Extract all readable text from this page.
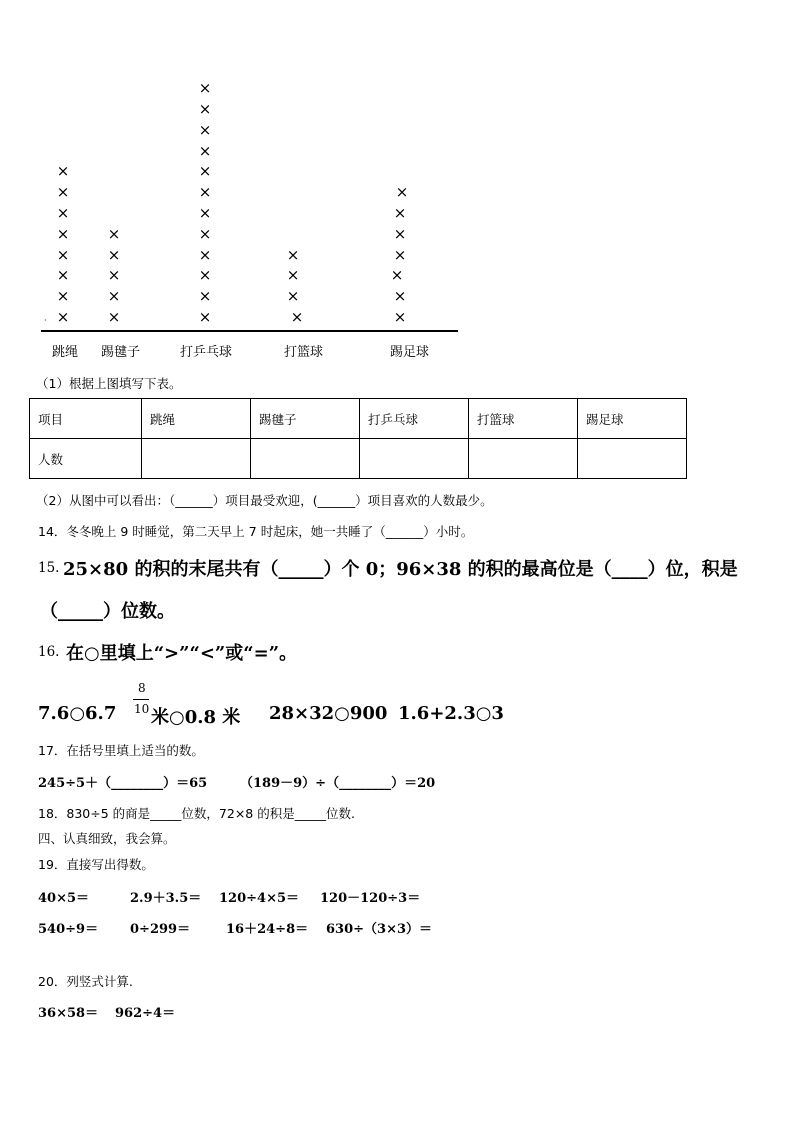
·
跳绳 踢毽子	打乒乓球	打篮球	踢足球
×
×
×
×
×
×
×
×
×
×
×
×
×
×
×
×
×
×
×
×
×
×
×
×
×
×
×
×
×
×
×
×
×
×
×
×
（1）根据上图填写下表。
项目	跳绳	踢毽子	打乒乓球	打篮球	踢足球
人数					
（2）从图中可以看出：（______）项目最受欢迎，(______）项目喜欢的人数最少。
14．冬冬晚上 9 时睡觉，第二天早上 7 时起床，她一共睡了（______）小时。
15. 25×80 的积的末尾共有（_____）个 0；96×38 的积的最高位是（____）位，积是
（_____）位数。
16. 在○里填上“>”“<”或“=”。
7.6○6.7
8
10 米○0.8 米 28×32○900 1.6+2.3○3
17．在括号里填上适当的数。
245÷5＋（________）＝65	（189－9）÷（________）＝20
18．830÷5 的商是_____位数，72×8 的积是_____位数.
四、认真细致，我会算。
19．直接写出得数。
40×5＝	2.9＋3.5＝ 120÷4×5＝ 120－120÷3＝
540÷9＝ 0÷299＝	16＋24÷8＝ 630÷（3×3）＝
20．列竖式计算.
36×58＝ 962÷4＝
